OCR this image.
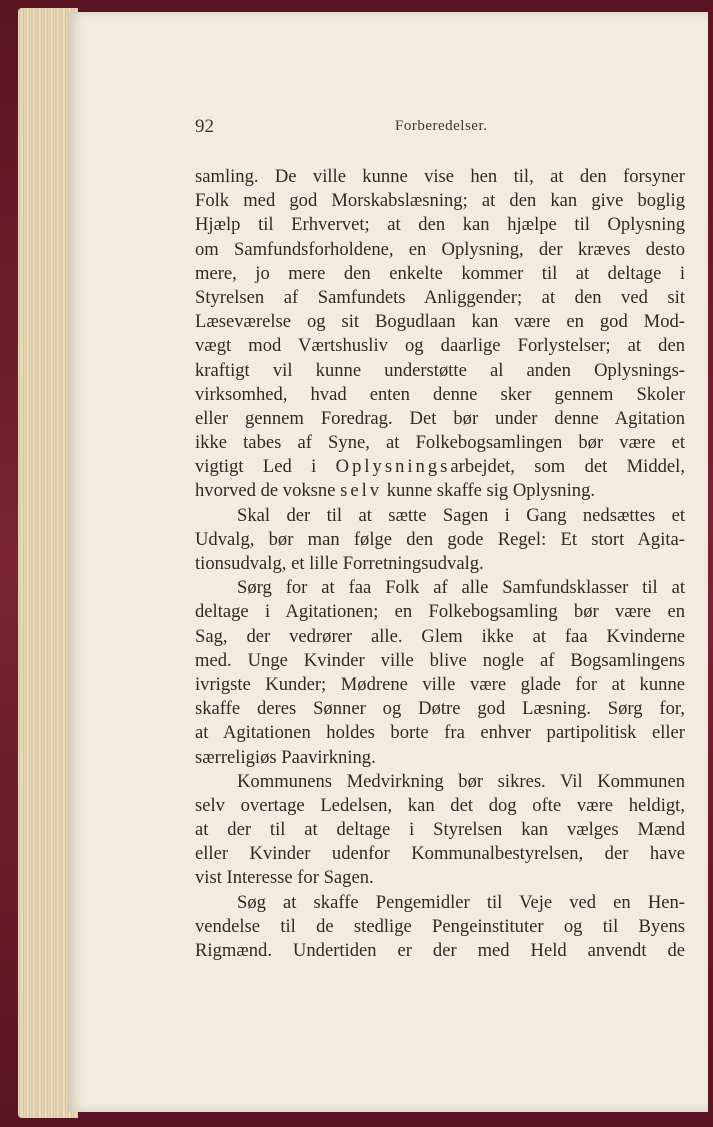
92	Forberedelser.
samling. De ville kunne vise hen til, at den forsyner
Folk med god Morskabslæsning; at den kan give boglig
Hjælp til Erhvervet; at den kan hjælpe til Oplysning
om Samfundsforholdene, en Oplysning, der kræves desto
mere, jo mere den enkelte kommer til at deltage i
Styrelsen af Samfundets Anliggender; at den ved sit
Læseværelse og sit Bogudlaan kan være en god Mod-
vægt mod Værtshusliv og daarlige Forlystelser; at den
kraftigt vil kunne understøtte al anden Oplysnings-
virksomhed, hvad enten denne sker gennem Skoler
eller gennem Foredrag. Det bør under denne Agitation
ikke tabes af Syne, at Folkebogsamlingen bør være et
vigtigt Led i Oplysningsarbejdet, som det Middel,
hvorved de voksne selv kunne skaffe sig Oplysning.
Skal der til at sætte Sagen i Gang nedsættes et
Udvalg, bør man følge den gode Regel: Et stort Agita-
tionsudvalg, et lille Forretningsudvalg.
Sørg for at faa Folk af alle Samfundsklasser til at
deltage i Agitationen; en Folkebogsamling bør være en
Sag, der vedrører alle. Glem ikke at faa Kvinderne
med. Unge Kvinder ville blive nogle af Bogsamlingens
ivrigste Kunder; Mødrene ville være glade for at kunne
skaffe deres Sønner og Døtre god Læsning. Sørg for,
at Agitationen holdes borte fra enhver partipolitisk eller
særreligiøs Paavirkning.
Kommunens Medvirkning bør sikres. Vil Kommunen
selv overtage Ledelsen, kan det dog ofte være heldigt,
at der til at deltage i Styrelsen kan vælges Mænd
eller Kvinder udenfor Kommunalbestyrelsen, der have
vist Interesse for Sagen.
Søg at skaffe Pengemidler til Veje ved en Hen-
vendelse til de stedlige Pengeinstituter og til Byens
Rigmænd. Undertiden er der med Held anvendt de
